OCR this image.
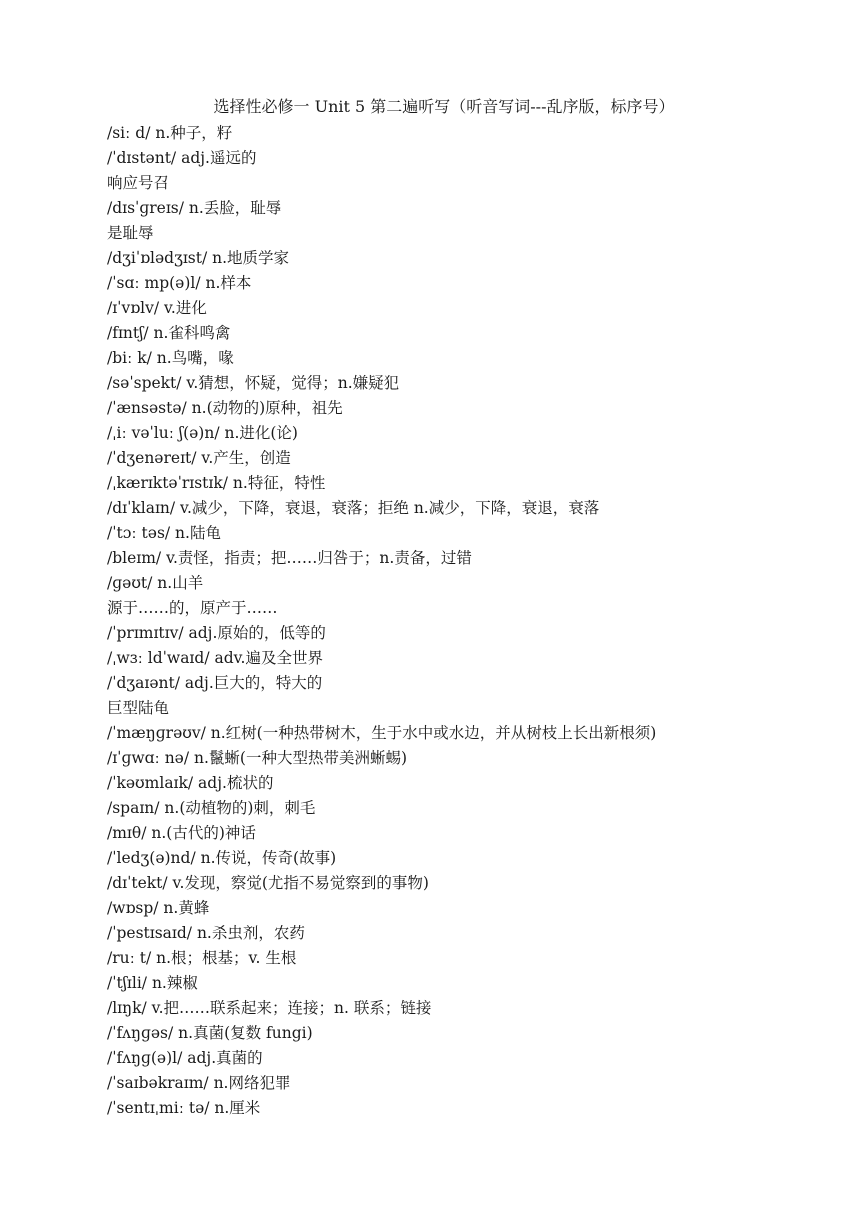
选择性必修一 Unit 5 第二遍听写（听音写词---乱序版，标序号）
/siː d/ n.种子，籽
/ˈdɪstənt/ adj.遥远的
响应号召
/dɪsˈɡreɪs/ n.丢脸，耻辱
是耻辱
/dʒiˈɒlədʒɪst/ n.地质学家
/ˈsɑː mp(ə)l/ n.样本
/ɪˈvɒlv/ v.进化
/fɪntʃ/ n.雀科鸣禽
/biː k/ n.鸟嘴，喙
/səˈspekt/ v.猜想，怀疑，觉得；n.嫌疑犯
/ˈænsəstə/ n.(动物的)原种，祖先
/ˌiː vəˈluː ʃ(ə)n/ n.进化(论)
/ˈdʒenəreɪt/ v.产生，创造
/ˌkærɪktəˈrɪstɪk/ n.特征，特性
/dɪˈklaɪn/ v.减少，下降，衰退，衰落；拒绝 n.减少，下降，衰退，衰落
/ˈtɔː təs/ n.陆龟
/bleɪm/ v.责怪，指责；把……归咎于；n.责备，过错
/ɡəʊt/ n.山羊
源于……的，原产于……
/ˈprɪmɪtɪv/ adj.原始的，低等的
/ˌwɜː ldˈwaɪd/ adv.遍及全世界
/ˈdʒaɪənt/ adj.巨大的，特大的
巨型陆龟
/ˈmæŋɡrəʊv/ n.红树(一种热带树木，生于水中或水边，并从树枝上长出新根须)
/ɪˈɡwɑː nə/ n.鬣蜥(一种大型热带美洲蜥蜴)
/ˈkəʊmlaɪk/ adj.梳状的
/spaɪn/ n.(动植物的)刺，刺毛
/mɪθ/ n.(古代的)神话
/ˈledʒ(ə)nd/ n.传说，传奇(故事)
/dɪˈtekt/ v.发现，察觉(尤指不易觉察到的事物)
/wɒsp/ n.黄蜂
/ˈpestɪsaɪd/ n.杀虫剂，农药
/ruː t/ n.根；根基；v. 生根
/ˈtʃɪli/ n.辣椒
/lɪŋk/ v.把……联系起来；连接；n. 联系；链接
/ˈfʌŋɡəs/ n.真菌(复数 fungi)
/ˈfʌŋɡ(ə)l/ adj.真菌的
/ˈsaɪbəkraɪm/ n.网络犯罪
/ˈsentɪˌmiː tə/ n.厘米
